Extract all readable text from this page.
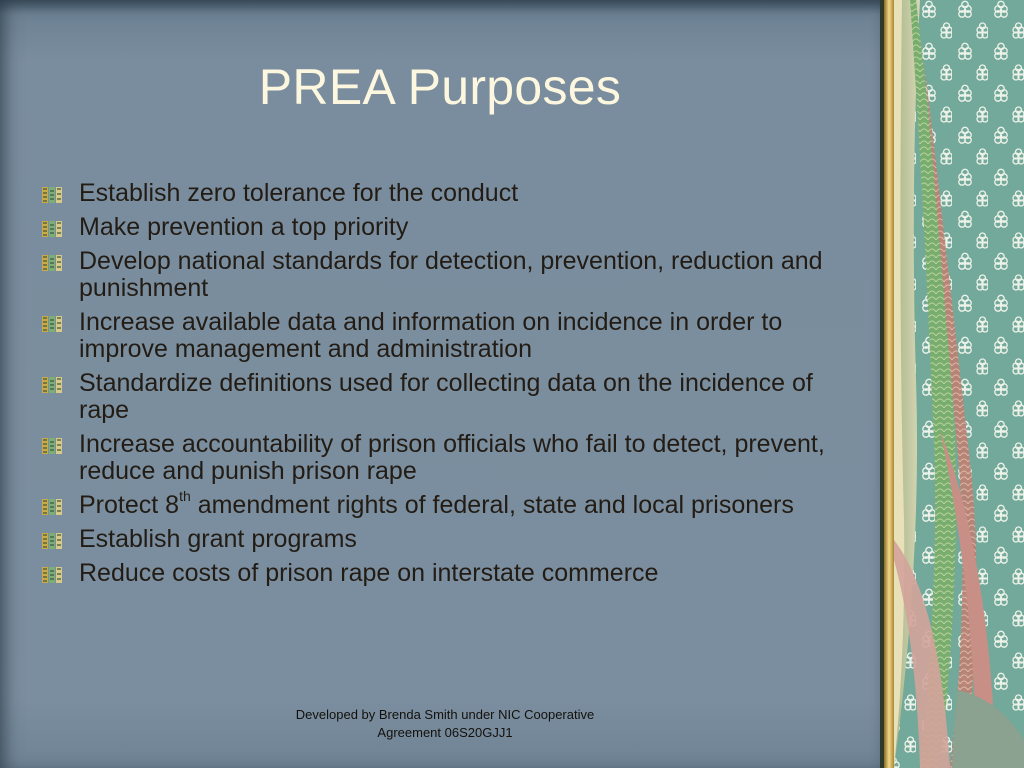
PREA Purposes
Establish zero tolerance for the conduct
Make prevention a top priority
Develop national standards for detection, prevention, reduction and punishment
Increase available data and information on incidence in order to improve management and administration
Standardize definitions used for collecting data on the incidence of rape
Increase accountability of prison officials who fail to detect, prevent, reduce and punish prison rape
Protect 8th amendment rights of federal, state and local prisoners
Establish grant programs
Reduce costs of prison rape on interstate commerce
Developed by Brenda Smith under NIC Cooperative Agreement 06S20GJJ1
